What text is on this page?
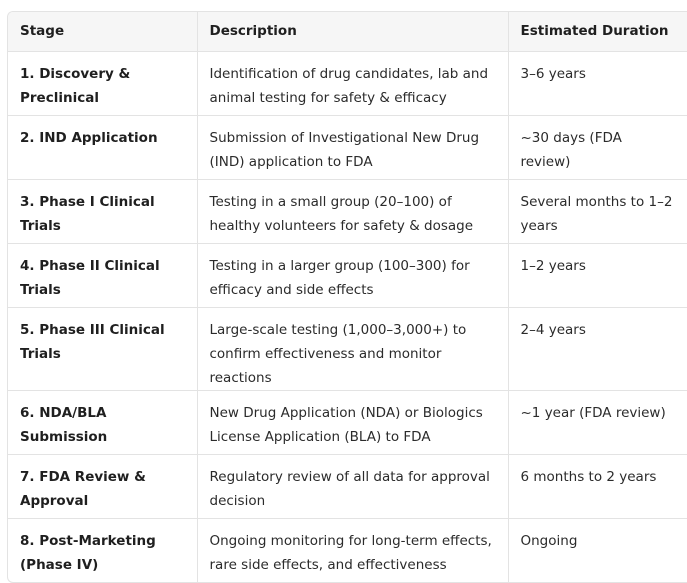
Stage	Description	Estimated Duration
1. Discovery & Preclinical	Identification of drug candidates, lab and animal testing for safety & efficacy	3–6 years
2. IND Application	Submission of Investigational New Drug (IND) application to FDA	~30 days (FDA review)
3. Phase I Clinical Trials	Testing in a small group (20–100) of healthy volunteers for safety & dosage	Several months to 1–2 years
4. Phase II Clinical Trials	Testing in a larger group (100–300) for efficacy and side effects	1–2 years
5. Phase III Clinical Trials	Large-scale testing (1,000–3,000+) to confirm effectiveness and monitor reactions	2–4 years
6. NDA/BLA Submission	New Drug Application (NDA) or Biologics License Application (BLA) to FDA	~1 year (FDA review)
7. FDA Review & Approval	Regulatory review of all data for approval decision	6 months to 2 years
8. Post-Marketing (Phase IV)	Ongoing monitoring for long-term effects, rare side effects, and effectiveness	Ongoing
